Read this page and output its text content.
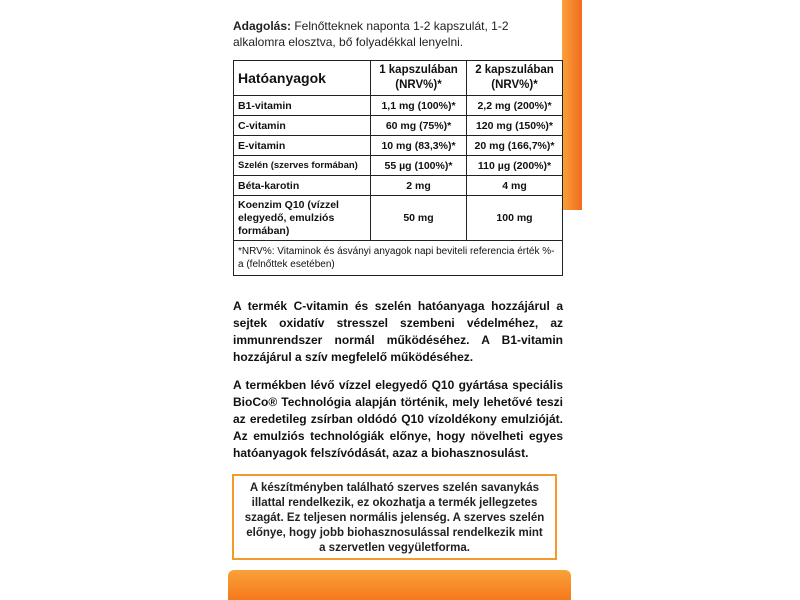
Adagolás: Felnőtteknek naponta 1-2 kapszulát, 1-2 alkalomra elosztva, bő folyadékkal lenyelni.
Hatóanyagok	1 kapszulában (NRV%)*	2 kapszulában (NRV%)*
B1-vitamin	1,1 mg (100%)*	2,2 mg (200%)*
C-vitamin	60 mg (75%)*	120 mg (150%)*
E-vitamin	10 mg (83,3%)*	20 mg (166,7%)*
Szelén (szerves formában)	55 µg (100%)*	110 µg (200%)*
Béta-karotin	2 mg	4 mg
Koenzim Q10 (vízzel elegyedő, emulziós formában)	50 mg	100 mg
*NRV%: Vitaminok és ásványi anyagok napi beviteli referencia érték %-a (felnőttek esetében)		
A termék C-vitamin és szelén hatóanyaga hozzájárul a sejtek oxidatív stresszel szembeni védelméhez, az immunrendszer normál működéséhez. A B1-vitamin hozzájárul a szív megfelelő működéséhez.
A termékben lévő vízzel elegyedő Q10 gyártása speciális BioCo® Technológia alapján történik, mely lehetővé teszi az eredetileg zsírban oldódó Q10 vízoldékony emulzióját. Az emulziós technológiák előnye, hogy növelheti egyes hatóanyagok felszívódását, azaz a biohasznosulást.
A készítményben található szerves szelén savanykás illattal rendelkezik, ez okozhatja a termék jellegzetes szagát. Ez teljesen normális jelenség. A szerves szelén előnye, hogy jobb biohasznosulással rendelkezik mint a szervetlen vegyületforma.
